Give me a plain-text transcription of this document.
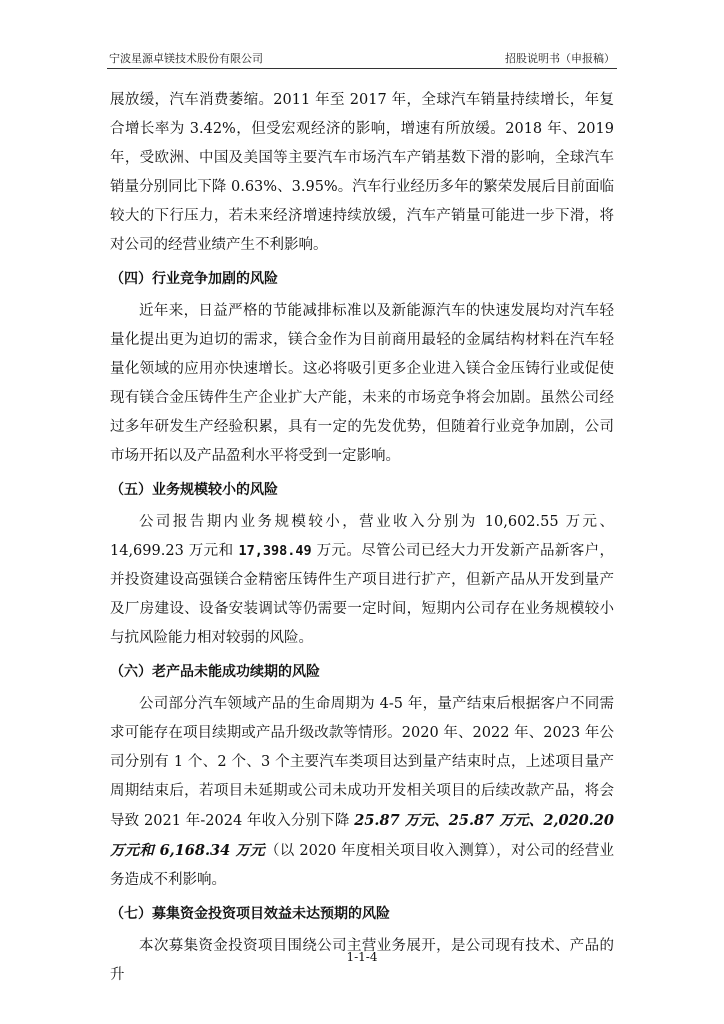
宁波星源卓镁技术股份有限公司	招股说明书（申报稿）

展放缓，汽车消费萎缩。2011 年至 2017 年，全球汽车销量持续增长，年复合增长率为 3.42%，但受宏观经济的影响，增速有所放缓。2018 年、2019 年，受欧洲、中国及美国等主要汽车市场汽车产销基数下滑的影响，全球汽车销量分别同比下降 0.63%、3.95%。汽车行业经历多年的繁荣发展后目前面临较大的下行压力，若未来经济增速持续放缓，汽车产销量可能进一步下滑，将对公司的经营业绩产生不利影响。

（四）行业竞争加剧的风险

近年来，日益严格的节能减排标准以及新能源汽车的快速发展均对汽车轻量化提出更为迫切的需求，镁合金作为目前商用最轻的金属结构材料在汽车轻量化领域的应用亦快速增长。这必将吸引更多企业进入镁合金压铸行业或促使现有镁合金压铸件生产企业扩大产能，未来的市场竞争将会加剧。虽然公司经过多年研发生产经验积累，具有一定的先发优势，但随着行业竞争加剧，公司市场开拓以及产品盈利水平将受到一定影响。

（五）业务规模较小的风险

公司报告期内业务规模较小，营业收入分别为 10,602.55 万元、14,699.23 万元和 17,398.49 万元。尽管公司已经大力开发新产品新客户，并投资建设高强镁合金精密压铸件生产项目进行扩产，但新产品从开发到量产及厂房建设、设备安装调试等仍需要一定时间，短期内公司存在业务规模较小与抗风险能力相对较弱的风险。

（六）老产品未能成功续期的风险

公司部分汽车领域产品的生命周期为 4-5 年，量产结束后根据客户不同需求可能存在项目续期或产品升级改款等情形。2020 年、2022 年、2023 年公司分别有 1 个、2 个、3 个主要汽车类项目达到量产结束时点，上述项目量产周期结束后，若项目未延期或公司未成功开发相关项目的后续改款产品，将会导致 2021 年-2024 年收入分别下降 25.87 万元、25.87 万元、2,020.20 万元和 6,168.34 万元（以 2020 年度相关项目收入测算），对公司的经营业务造成不利影响。

（七）募集资金投资项目效益未达预期的风险

本次募集资金投资项目围绕公司主营业务展开，是公司现有技术、产品的升

1-1-4
